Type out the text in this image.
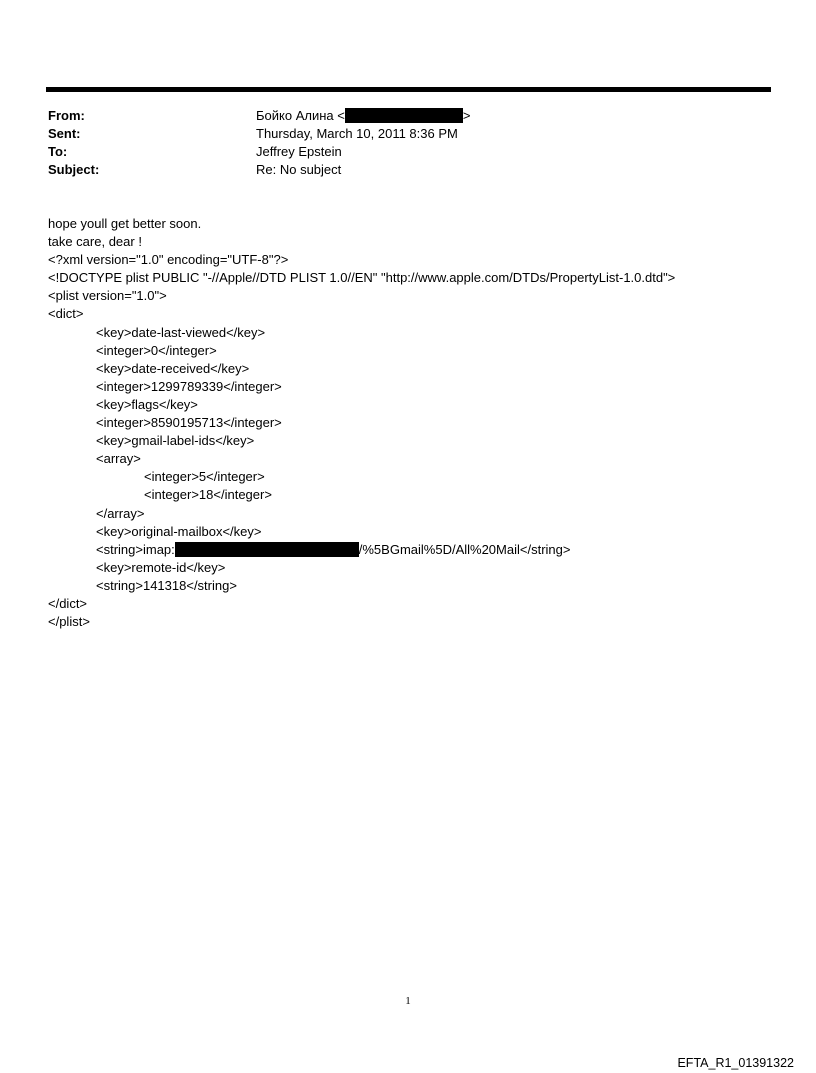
From:	Бойко Алина <	>
Sent:	Thursday, March 10, 2011 8:36 PM
To:	Jeffrey Epstein
Subject:	Re: No subject
hope youll get better soon.
take care, dear !
<?xml version="1.0" encoding="UTF-8"?>
<!DOCTYPE plist PUBLIC "-//Apple//DTD PLIST 1.0//EN" "http://www.apple.com/DTDs/PropertyList-1.0.dtd">
<plist version="1.0">
<dict>
<key>date-last-viewed</key>
<integer>0</integer>
<key>date-received</key>
<integer>1299789339</integer>
<key>flags</key>
<integer>8590195713</integer>
<key>gmail-label-ids</key>
<array>
<integer>5</integer>
<integer>18</integer>
</array>
<key>original-mailbox</key>
<string>imap:	/%5BGmail%5D/All%20Mail</string>
<key>remote-id</key>
<string>141318</string>
</dict>
</plist>
1
EFTA_R1_01391322
